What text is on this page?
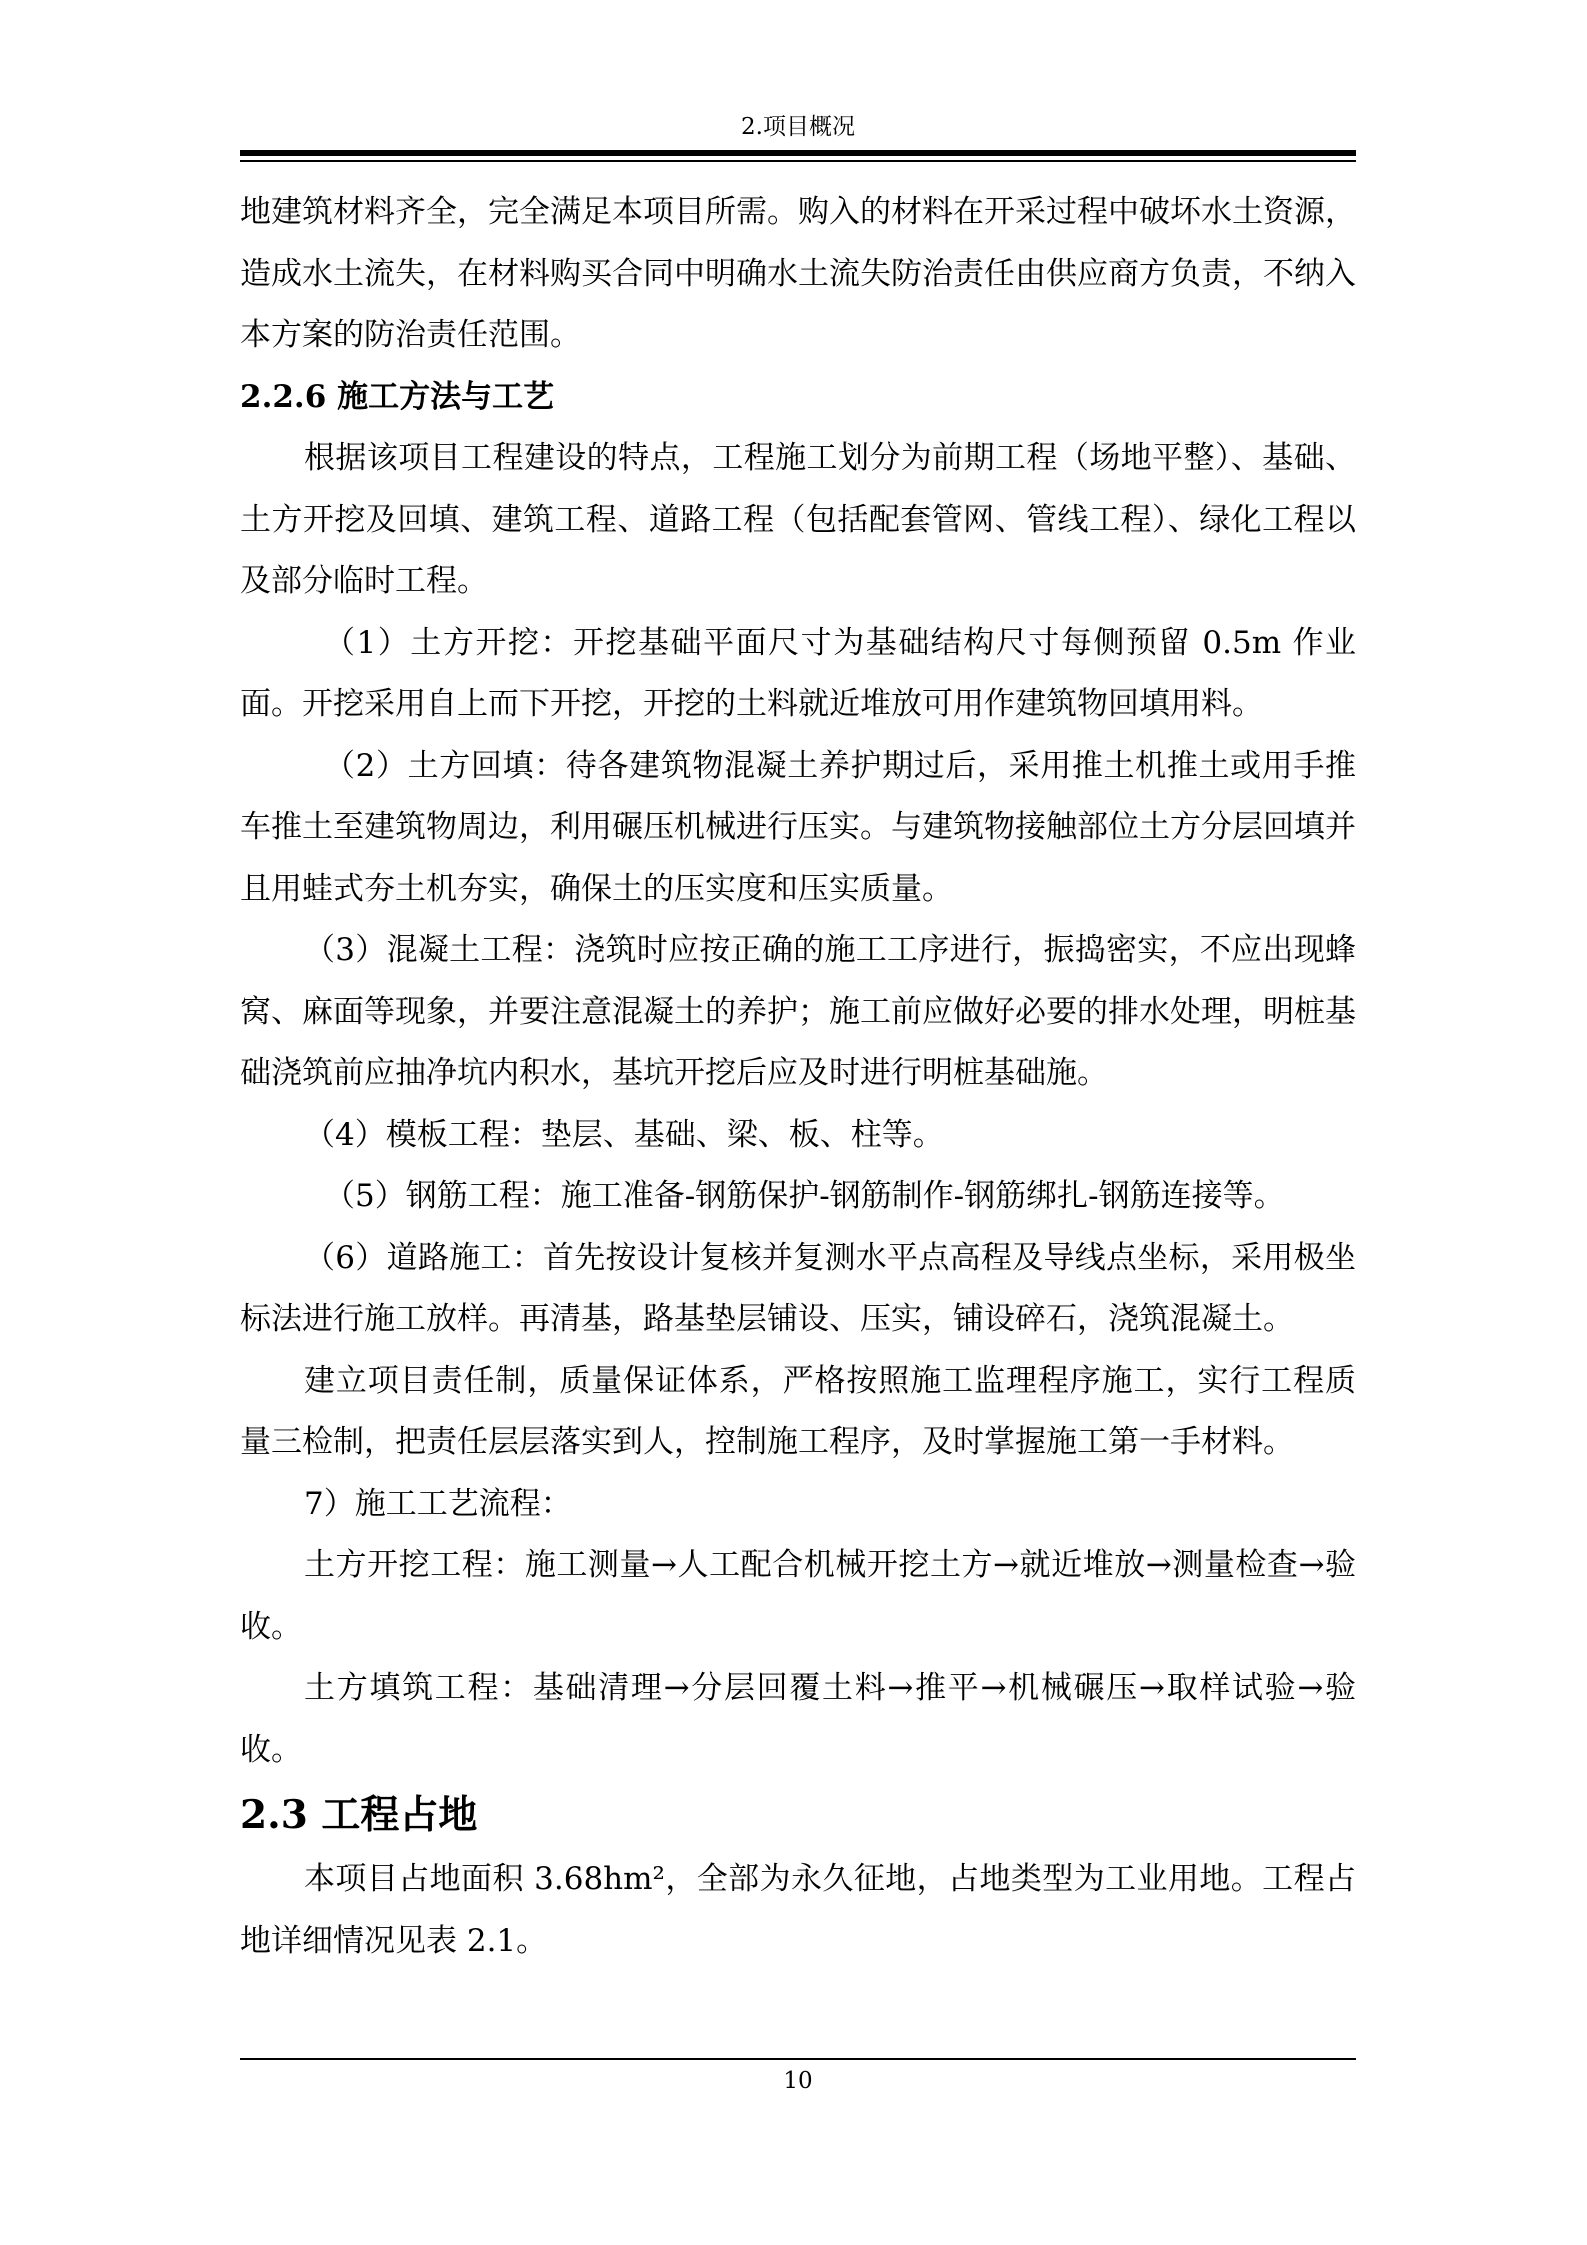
2.项目概况

地建筑材料齐全，完全满足本项目所需。购入的材料在开采过程中破坏水土资源，造成水土流失，在材料购买合同中明确水土流失防治责任由供应商方负责，不纳入本方案的防治责任范围。

2.2.6 施工方法与工艺

根据该项目工程建设的特点，工程施工划分为前期工程（场地平整）、基础、土方开挖及回填、建筑工程、道路工程（包括配套管网、管线工程）、绿化工程以及部分临时工程。

（1）土方开挖：开挖基础平面尺寸为基础结构尺寸每侧预留 0.5m 作业面。开挖采用自上而下开挖，开挖的土料就近堆放可用作建筑物回填用料。

（2）土方回填：待各建筑物混凝土养护期过后，采用推土机推土或用手推车推土至建筑物周边，利用碾压机械进行压实。与建筑物接触部位土方分层回填并且用蛙式夯土机夯实，确保土的压实度和压实质量。

（3）混凝土工程：浇筑时应按正确的施工工序进行，振捣密实，不应出现蜂窝、麻面等现象，并要注意混凝土的养护；施工前应做好必要的排水处理，明桩基础浇筑前应抽净坑内积水，基坑开挖后应及时进行明桩基础施。

（4）模板工程：垫层、基础、梁、板、柱等。

（5）钢筋工程：施工准备-钢筋保护-钢筋制作-钢筋绑扎-钢筋连接等。

（6）道路施工：首先按设计复核并复测水平点高程及导线点坐标，采用极坐标法进行施工放样。再清基，路基垫层铺设、压实，铺设碎石，浇筑混凝土。

建立项目责任制，质量保证体系，严格按照施工监理程序施工，实行工程质量三检制，把责任层层落实到人，控制施工程序，及时掌握施工第一手材料。

7）施工工艺流程：

土方开挖工程：施工测量→人工配合机械开挖土方→就近堆放→测量检查→验收。

土方填筑工程：基础清理→分层回覆土料→推平→机械碾压→取样试验→验收。

2.3 工程占地

本项目占地面积 3.68hm²，全部为永久征地，占地类型为工业用地。工程占地详细情况见表 2.1。

10
